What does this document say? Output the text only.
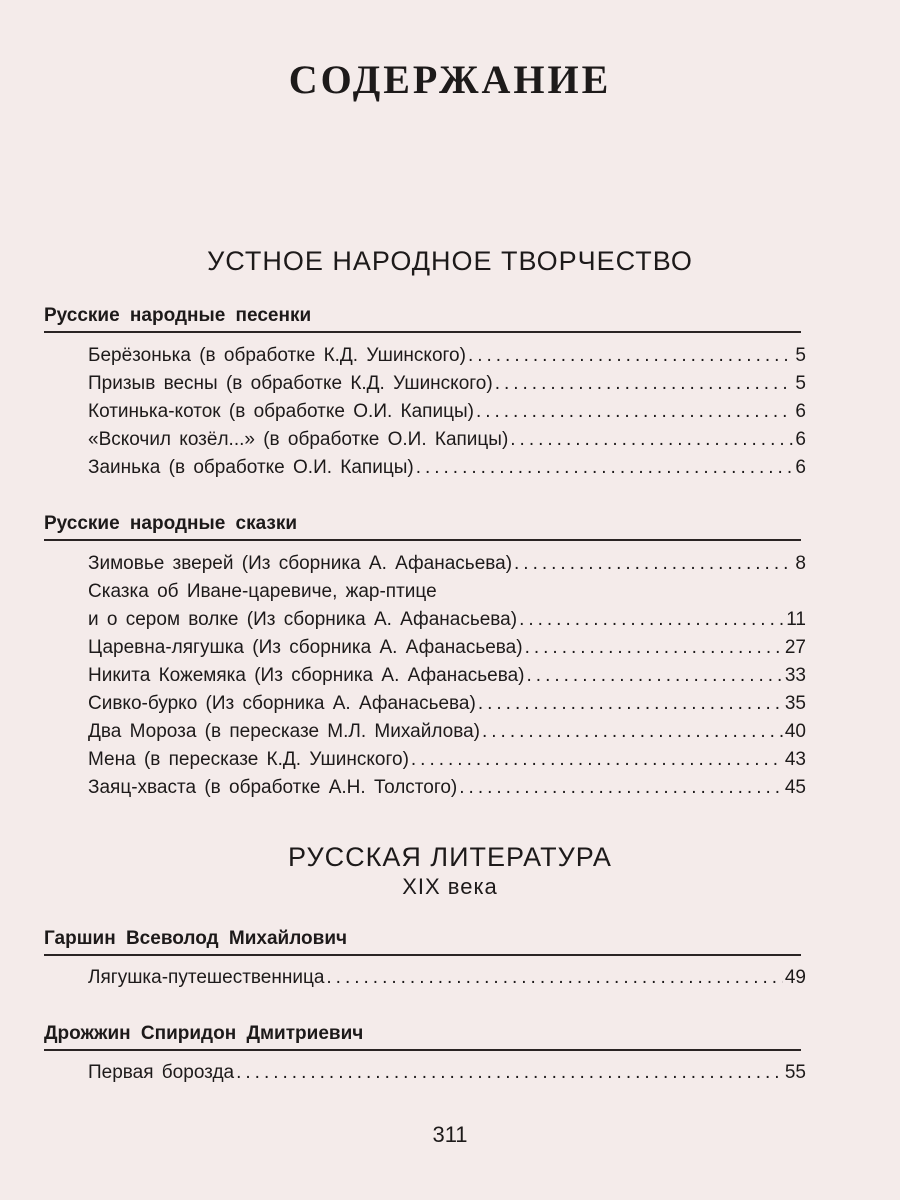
СОДЕРЖАНИЕ
УСТНОЕ НАРОДНОЕ ТВОРЧЕСТВО
Русские народные песенки
Берёзонька (в обработке К.Д. Ушинского) .....	5
Призыв весны (в обработке К.Д. Ушинского) .....	5
Котинька-коток (в обработке О.И. Капицы) .....	6
«Вскочил козёл...» (в обработке О.И. Капицы) .....	6
Заинька (в обработке О.И. Капицы) .....	6
Русские народные сказки
Зимовье зверей (Из сборника А. Афанасьева) .....	8
Сказка об Иване-царевиче, жар-птице
и о сером волке (Из сборника А. Афанасьева) .....	11
Царевна-лягушка (Из сборника А. Афанасьева) .....	27
Никита Кожемяка (Из сборника А. Афанасьева) .....	33
Сивко-бурко (Из сборника А. Афанасьева) .....	35
Два Мороза (в пересказе М.Л. Михайлова) .....	40
Мена (в пересказе К.Д. Ушинского) .....	43
Заяц-хваста (в обработке А.Н. Толстого) .....	45
РУССКАЯ ЛИТЕРАТУРА
XIX века
Гаршин Всеволод Михайлович
Лягушка-путешественница .....	49
Дрожжин Спиридон Дмитриевич
Первая борозда .....	55
311
